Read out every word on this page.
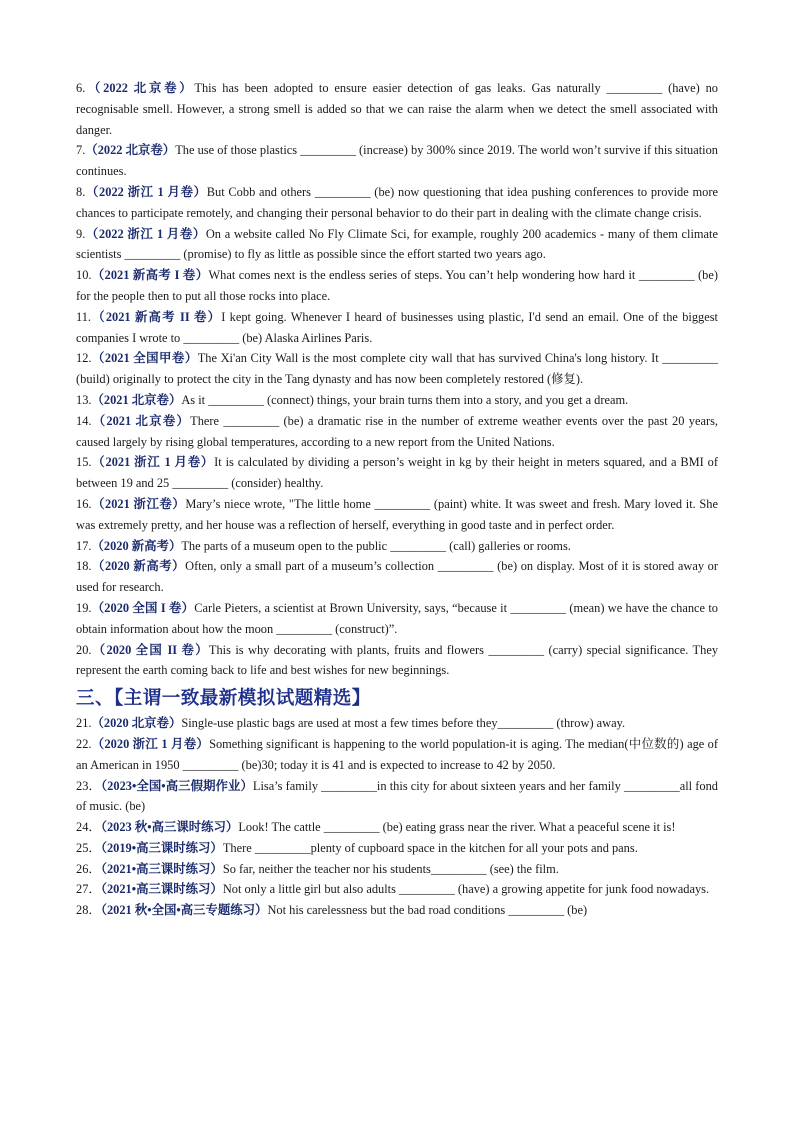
6.（2022 北京卷）This has been adopted to ensure easier detection of gas leaks. Gas naturally _________ (have) no recognisable smell. However, a strong smell is added so that we can raise the alarm when we detect the smell associated with danger.

7.（2022 北京卷）The use of those plastics _________ (increase) by 300% since 2019. The world won’t survive if this situation continues.

8.（2022 浙江 1 月卷）But Cobb and others _________ (be) now questioning that idea pushing conferences to provide more chances to participate remotely, and changing their personal behavior to do their part in dealing with the climate change crisis.

9.（2022 浙江 1 月卷）On a website called No Fly Climate Sci, for example, roughly 200 academics - many of them climate scientists _________ (promise) to fly as little as possible since the effort started two years ago.

10.（2021 新高考 I 卷）What comes next is the endless series of steps. You can’t help wondering how hard it _________ (be) for the people then to put all those rocks into place.

11.（2021 新高考 II 卷）I kept going. Whenever I heard of businesses using plastic, I'd send an email. One of the biggest companies I wrote to _________ (be) Alaska Airlines Paris.

12.（2021 全国甲卷）The Xi'an City Wall is the most complete city wall that has survived China's long history. It _________ (build) originally to protect the city in the Tang dynasty and has now been completely restored (修复).

13.（2021 北京卷）As it _________ (connect) things, your brain turns them into a story, and you get a dream.

14.（2021 北京卷）There _________ (be) a dramatic rise in the number of extreme weather events over the past 20 years, caused largely by rising global temperatures, according to a new report from the United Nations.

15.（2021 浙江 1 月卷）It is calculated by dividing a person’s weight in kg by their height in meters squared, and a BMI of between 19 and 25 _________ (consider) healthy.

16.（2021 浙江卷）Mary’s niece wrote, "The little home _________ (paint) white. It was sweet and fresh. Mary loved it. She was extremely pretty, and her house was a reflection of herself, everything in good taste and in perfect order.

17.（2020 新高考）The parts of a museum open to the public _________ (call) galleries or rooms.

18.（2020 新高考）Often, only a small part of a museum’s collection _________ (be) on display. Most of it is stored away or used for research.

19.（2020 全国 I 卷）Carle Pieters, a scientist at Brown University, says, “because it _________ (mean) we have the chance to obtain information about how the moon _________ (construct)”.

20.（2020 全国 II 卷）This is why decorating with plants, fruits and flowers _________ (carry) special significance. They represent the earth coming back to life and best wishes for new beginnings.

三、【主谓一致最新模拟试题精选】

21.（2020 北京卷）Single-use plastic bags are used at most a few times before they_________ (throw) away.

22.（2020 浙江 1 月卷）Something significant is happening to the world population-it is aging. The median(中位数的) age of an American in 1950 _________ (be)30; today it is 41 and is expected to increase to 42 by 2050.

23．（2023•全国•高三假期作业）Lisa’s family _________in this city for about sixteen years and her family _________all fond of music. (be)

24．（2023 秋•高三课时练习）Look! The cattle _________ (be) eating grass near the river. What a peaceful scene it is!

25．（2019•高三课时练习）There _________plenty of cupboard space in the kitchen for all your pots and pans.

26．（2021•高三课时练习）So far, neither the teacher nor his students_________ (see) the film.

27．（2021•高三课时练习）Not only a little girl but also adults _________ (have) a growing appetite for junk food nowadays.

28．（2021 秋•全国•高三专题练习）Not his carelessness but the bad road conditions _________ (be)
